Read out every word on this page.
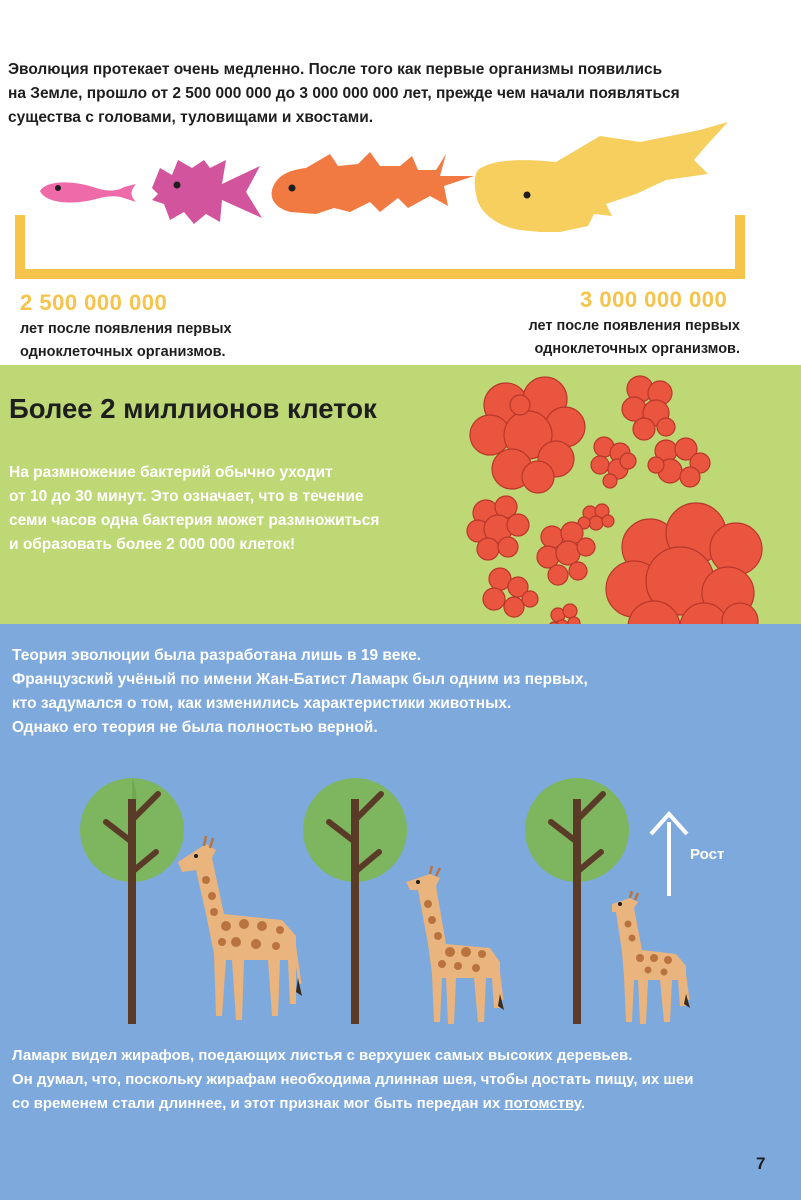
Эволюция протекает очень медленно. После того как первые организмы появились
на Земле, прошло от 2 500 000 000 до 3 000 000 000 лет, прежде чем начали появляться
существа с головами, туловищами и хвостами.
2 500 000 000
лет после появления первых
одноклеточных организмов.
3 000 000 000
лет после появления первых
одноклеточных организмов.
Более 2 миллионов клеток
На размножение бактерий обычно уходит
от 10 до 30 минут. Это означает, что в течение
семи часов одна бактерия может размножиться
и образовать более 2 000 000 клеток!
Теория эволюции была разработана лишь в 19 веке.
Французский учёный по имени Жан-Батист Ламарк был одним из первых,
кто задумался о том, как изменились характеристики животных.
Однако его теория не была полностью верной.
Рост
Ламарк видел жирафов, поедающих листья с верхушек самых высоких деревьев.
Он думал, что, поскольку жирафам необходима длинная шея, чтобы достать пищу, их шеи
со временем стали длиннее, и этот признак мог быть передан их потомству.
7
